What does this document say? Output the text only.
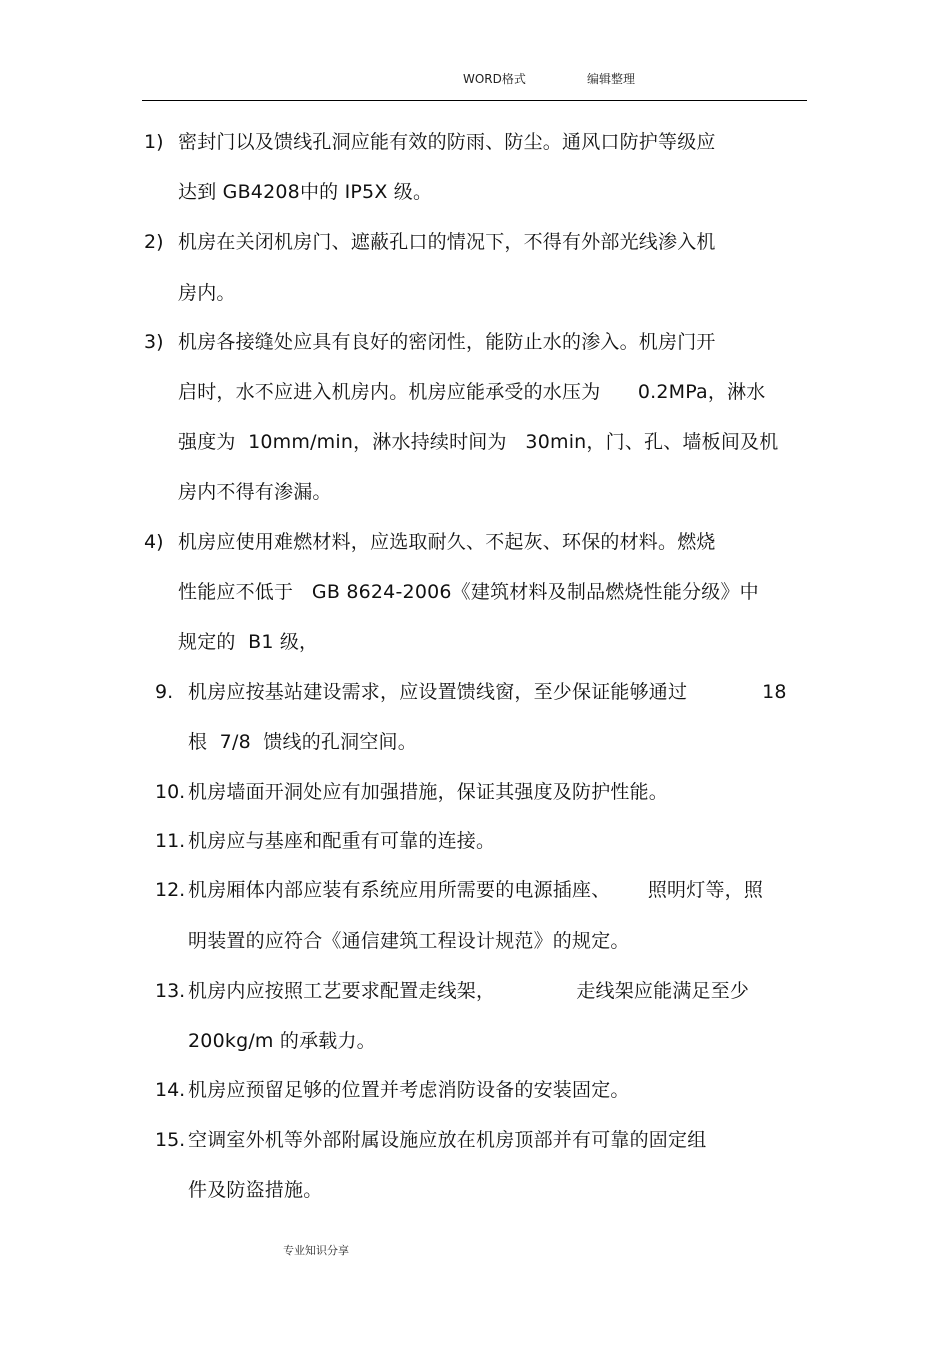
WORD格式	编辑整理
1) 密封门以及馈线孔洞应能有效的防雨、防尘。通风口防护等级应
达到 GB4208中的 IP5X 级。
2) 机房在关闭机房门、遮蔽孔口的情况下，不得有外部光线渗入机
房内。
3) 机房各接缝处应具有良好的密闭性，能防止水的渗入。机房门开
启时，水不应进入机房内。机房应能承受的水压为      0.2MPa，淋水
强度为  10mm/min，淋水持续时间为   30min，门、孔、墙板间及机
房内不得有渗漏。
4) 机房应使用难燃材料，应选取耐久、不起灰、环保的材料。燃烧
性能应不低于   GB 8624-2006《建筑材料及制品燃烧性能分级》中
规定的  B1 级，
9. 机房应按基站建设需求，应设置馈线窗，至少保证能够通过            18
根  7/8  馈线的孔洞空间。
10. 机房墙面开洞处应有加强措施，保证其强度及防护性能。
11. 机房应与基座和配重有可靠的连接。
12. 机房厢体内部应装有系统应用所需要的电源插座、      照明灯等，照
明装置的应符合《通信建筑工程设计规范》的规定。
13. 机房内应按照工艺要求配置走线架，             走线架应能满足至少
200kg/m 的承载力。
14. 机房应预留足够的位置并考虑消防设备的安装固定。
15. 空调室外机等外部附属设施应放在机房顶部并有可靠的固定组
件及防盗措施。
专业知识分享
